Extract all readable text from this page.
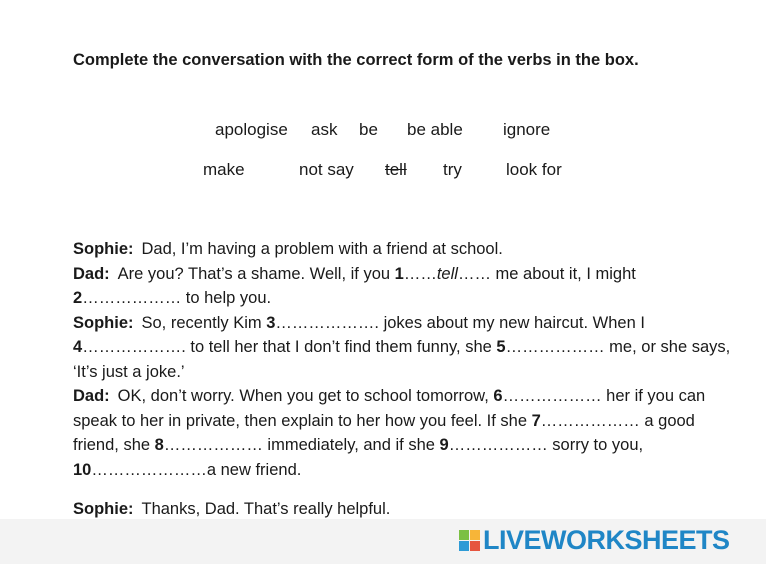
Complete the conversation with the correct form of the verbs in the box.
apologise ask be be able ignore
make	not say tell try	look for

Sophie: Dad, I’m having a problem with a friend at school.

Dad: Are you? That’s a shame. Well, if you 1……tell…… me about it, I might 2……………… to help you.

Sophie: So, recently Kim 3………………. jokes about my new haircut. When I 4………………. to tell her that I don’t find them funny, she 5……………… me, or she says, ‘It’s just a joke.’

Dad: OK, don’t worry. When you get to school tomorrow, 6……………… her if you can speak to her in private, then explain to her how you feel. If she 7……………… a good friend, she 8……………… immediately, and if she 9……………… sorry to you, 10…………………a new friend.

Sophie: Thanks, Dad. That’s really helpful.

LIVEWORKSHEETS
